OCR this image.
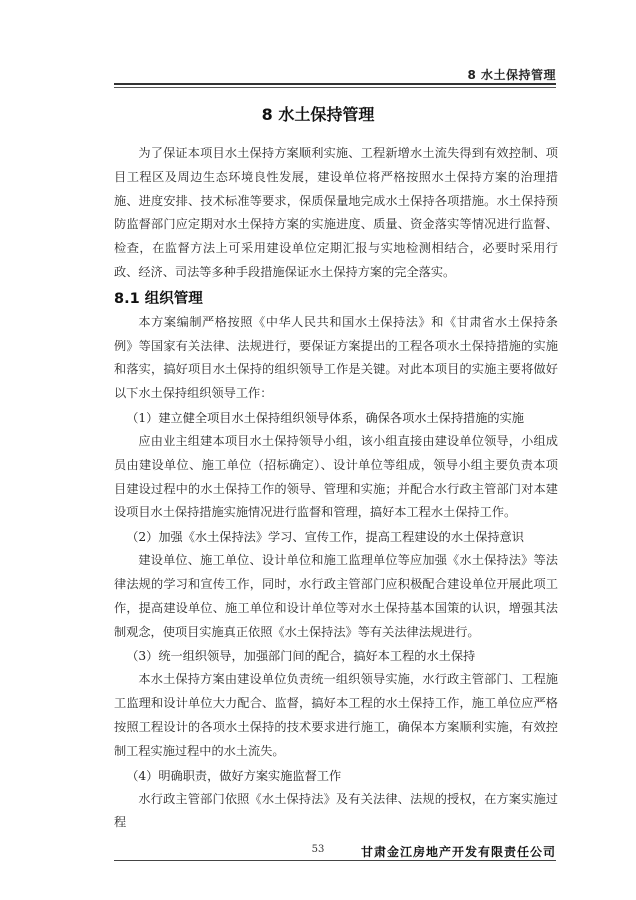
8 水土保持管理
8 水土保持管理

为了保证本项目水土保持方案顺利实施、工程新增水土流失得到有效控制、项目工程区及周边生态环境良性发展，建设单位将严格按照水土保持方案的治理措施、进度安排、技术标准等要求，保质保量地完成水土保持各项措施。水土保持预防监督部门应定期对水土保持方案的实施进度、质量、资金落实等情况进行监督、检查，在监督方法上可采用建设单位定期汇报与实地检测相结合，必要时采用行政、经济、司法等多种手段措施保证水土保持方案的完全落实。

8.1 组织管理

本方案编制严格按照《中华人民共和国水土保持法》和《甘肃省水土保持条例》等国家有关法律、法规进行，要保证方案提出的工程各项水土保持措施的实施和落实，搞好项目水土保持的组织领导工作是关键。对此本项目的实施主要将做好以下水土保持组织领导工作：

（1）建立健全项目水土保持组织领导体系，确保各项水土保持措施的实施

应由业主组建本项目水土保持领导小组，该小组直接由建设单位领导，小组成员由建设单位、施工单位（招标确定）、设计单位等组成，领导小组主要负责本项目建设过程中的水土保持工作的领导、管理和实施；并配合水行政主管部门对本建设项目水土保持措施实施情况进行监督和管理，搞好本工程水土保持工作。

（2）加强《水土保持法》学习、宣传工作，提高工程建设的水土保持意识

建设单位、施工单位、设计单位和施工监理单位等应加强《水土保持法》等法律法规的学习和宣传工作，同时，水行政主管部门应积极配合建设单位开展此项工作，提高建设单位、施工单位和设计单位等对水土保持基本国策的认识，增强其法制观念，使项目实施真正依照《水土保持法》等有关法律法规进行。

（3）统一组织领导，加强部门间的配合，搞好本工程的水土保持

本水土保持方案由建设单位负责统一组织领导实施，水行政主管部门、工程施工监理和设计单位大力配合、监督，搞好本工程的水土保持工作，施工单位应严格按照工程设计的各项水土保持的技术要求进行施工，确保本方案顺利实施，有效控制工程实施过程中的水土流失。

（4）明确职责，做好方案实施监督工作

水行政主管部门依照《水土保持法》及有关法律、法规的授权，在方案实施过程

53	甘肃金江房地产开发有限责任公司
